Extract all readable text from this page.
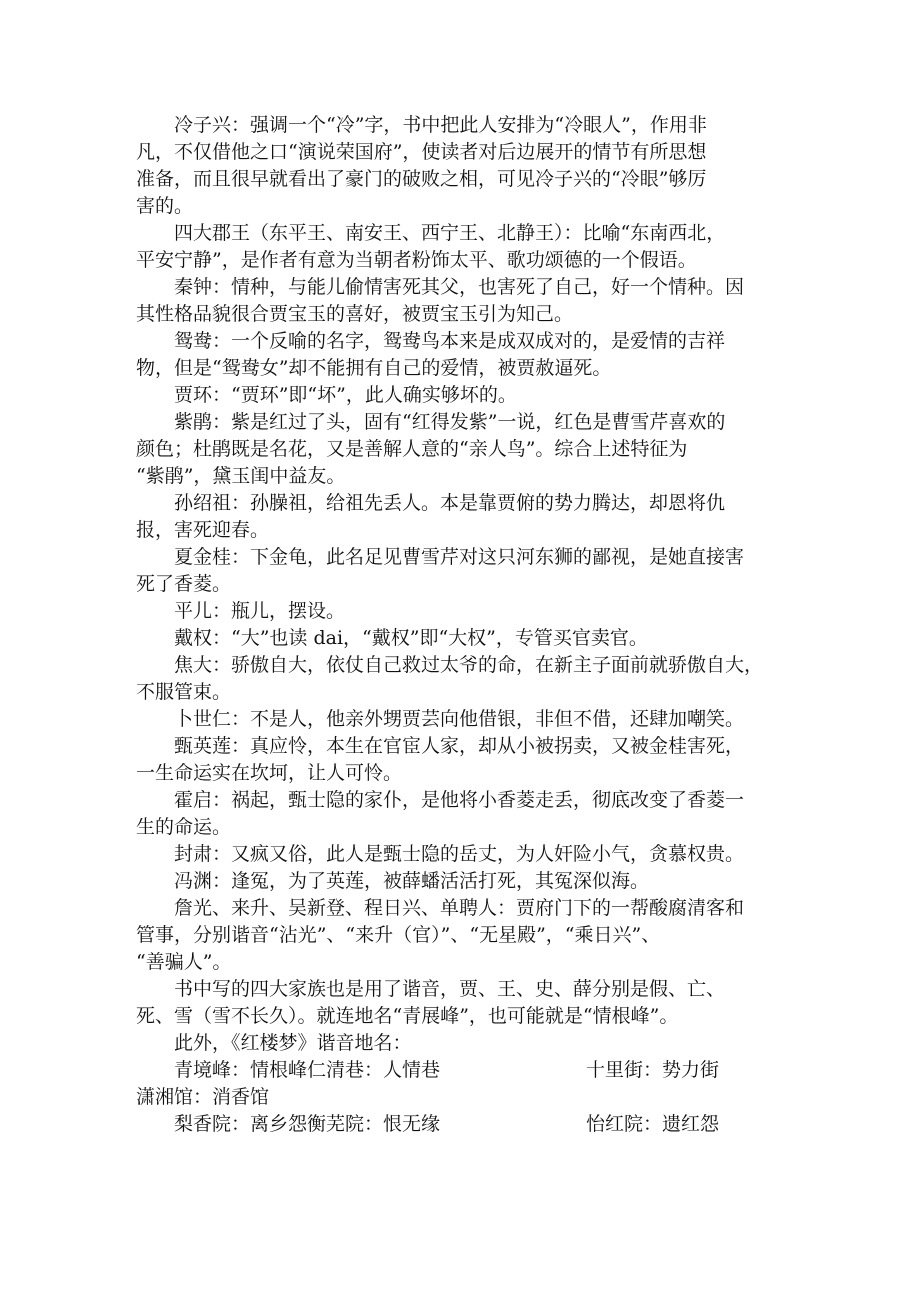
冷子兴：强调一个“冷”字，书中把此人安排为“冷眼人”，作用非
凡，不仅借他之口“演说荣国府”，使读者对后边展开的情节有所思想
准备，而且很早就看出了豪门的破败之相，可见冷子兴的“冷眼”够厉
害的。
四大郡王（东平王、南安王、西宁王、北静王）：比喻“东南西北，
平安宁静”，是作者有意为当朝者粉饰太平、歌功颂德的一个假语。
秦钟：情种，与能儿偷情害死其父，也害死了自己，好一个情种。因
其性格品貌很合贾宝玉的喜好，被贾宝玉引为知己。
鸳鸯：一个反喻的名字，鸳鸯鸟本来是成双成对的，是爱情的吉祥
物，但是“鸳鸯女”却不能拥有自己的爱情，被贾赦逼死。
贾环：“贾环”即“坏”，此人确实够坏的。
紫鹃：紫是红过了头，固有“红得发紫”一说，红色是曹雪芹喜欢的
颜色；杜鹃既是名花，又是善解人意的“亲人鸟”。综合上述特征为
“紫鹃”，黛玉闺中益友。
孙绍祖：孙臊祖，给祖先丢人。本是靠贾俯的势力腾达，却恩将仇
报，害死迎春。
夏金桂：下金龟，此名足见曹雪芹对这只河东狮的鄙视，是她直接害
死了香菱。
平儿：瓶儿，摆设。
戴权：“大”也读 dai，“戴权”即“大权”，专管买官卖官。
焦大：骄傲自大，依仗自己救过太爷的命，在新主子面前就骄傲自大，
不服管束。
卜世仁：不是人，他亲外甥贾芸向他借银，非但不借，还肆加嘲笑。
甄英莲：真应怜，本生在官宦人家，却从小被拐卖，又被金桂害死，
一生命运实在坎坷，让人可怜。
霍启：祸起，甄士隐的家仆，是他将小香菱走丢，彻底改变了香菱一
生的命运。
封肃：又疯又俗，此人是甄士隐的岳丈，为人奸险小气，贪慕权贵。
冯渊：逢冤，为了英莲，被薛蟠活活打死，其冤深似海。
詹光、来升、吴新登、程日兴、单聘人：贾府门下的一帮酸腐清客和
管事，分别谐音“沾光”、“来升（官）”、“无星殿”，“乘日兴”、
“善骗人”。
书中写的四大家族也是用了谐音，贾、王、史、薛分别是假、亡、
死、雪（雪不长久）。就连地名“青展峰”，也可能就是“情根峰”。
此外，《红楼梦》谐音地名：
青境峰：情根峰仁清巷：人情巷	十里街：势力街
潇湘馆：消香馆
梨香院：离乡怨衡芜院：恨无缘	怡红院：遗红怨
